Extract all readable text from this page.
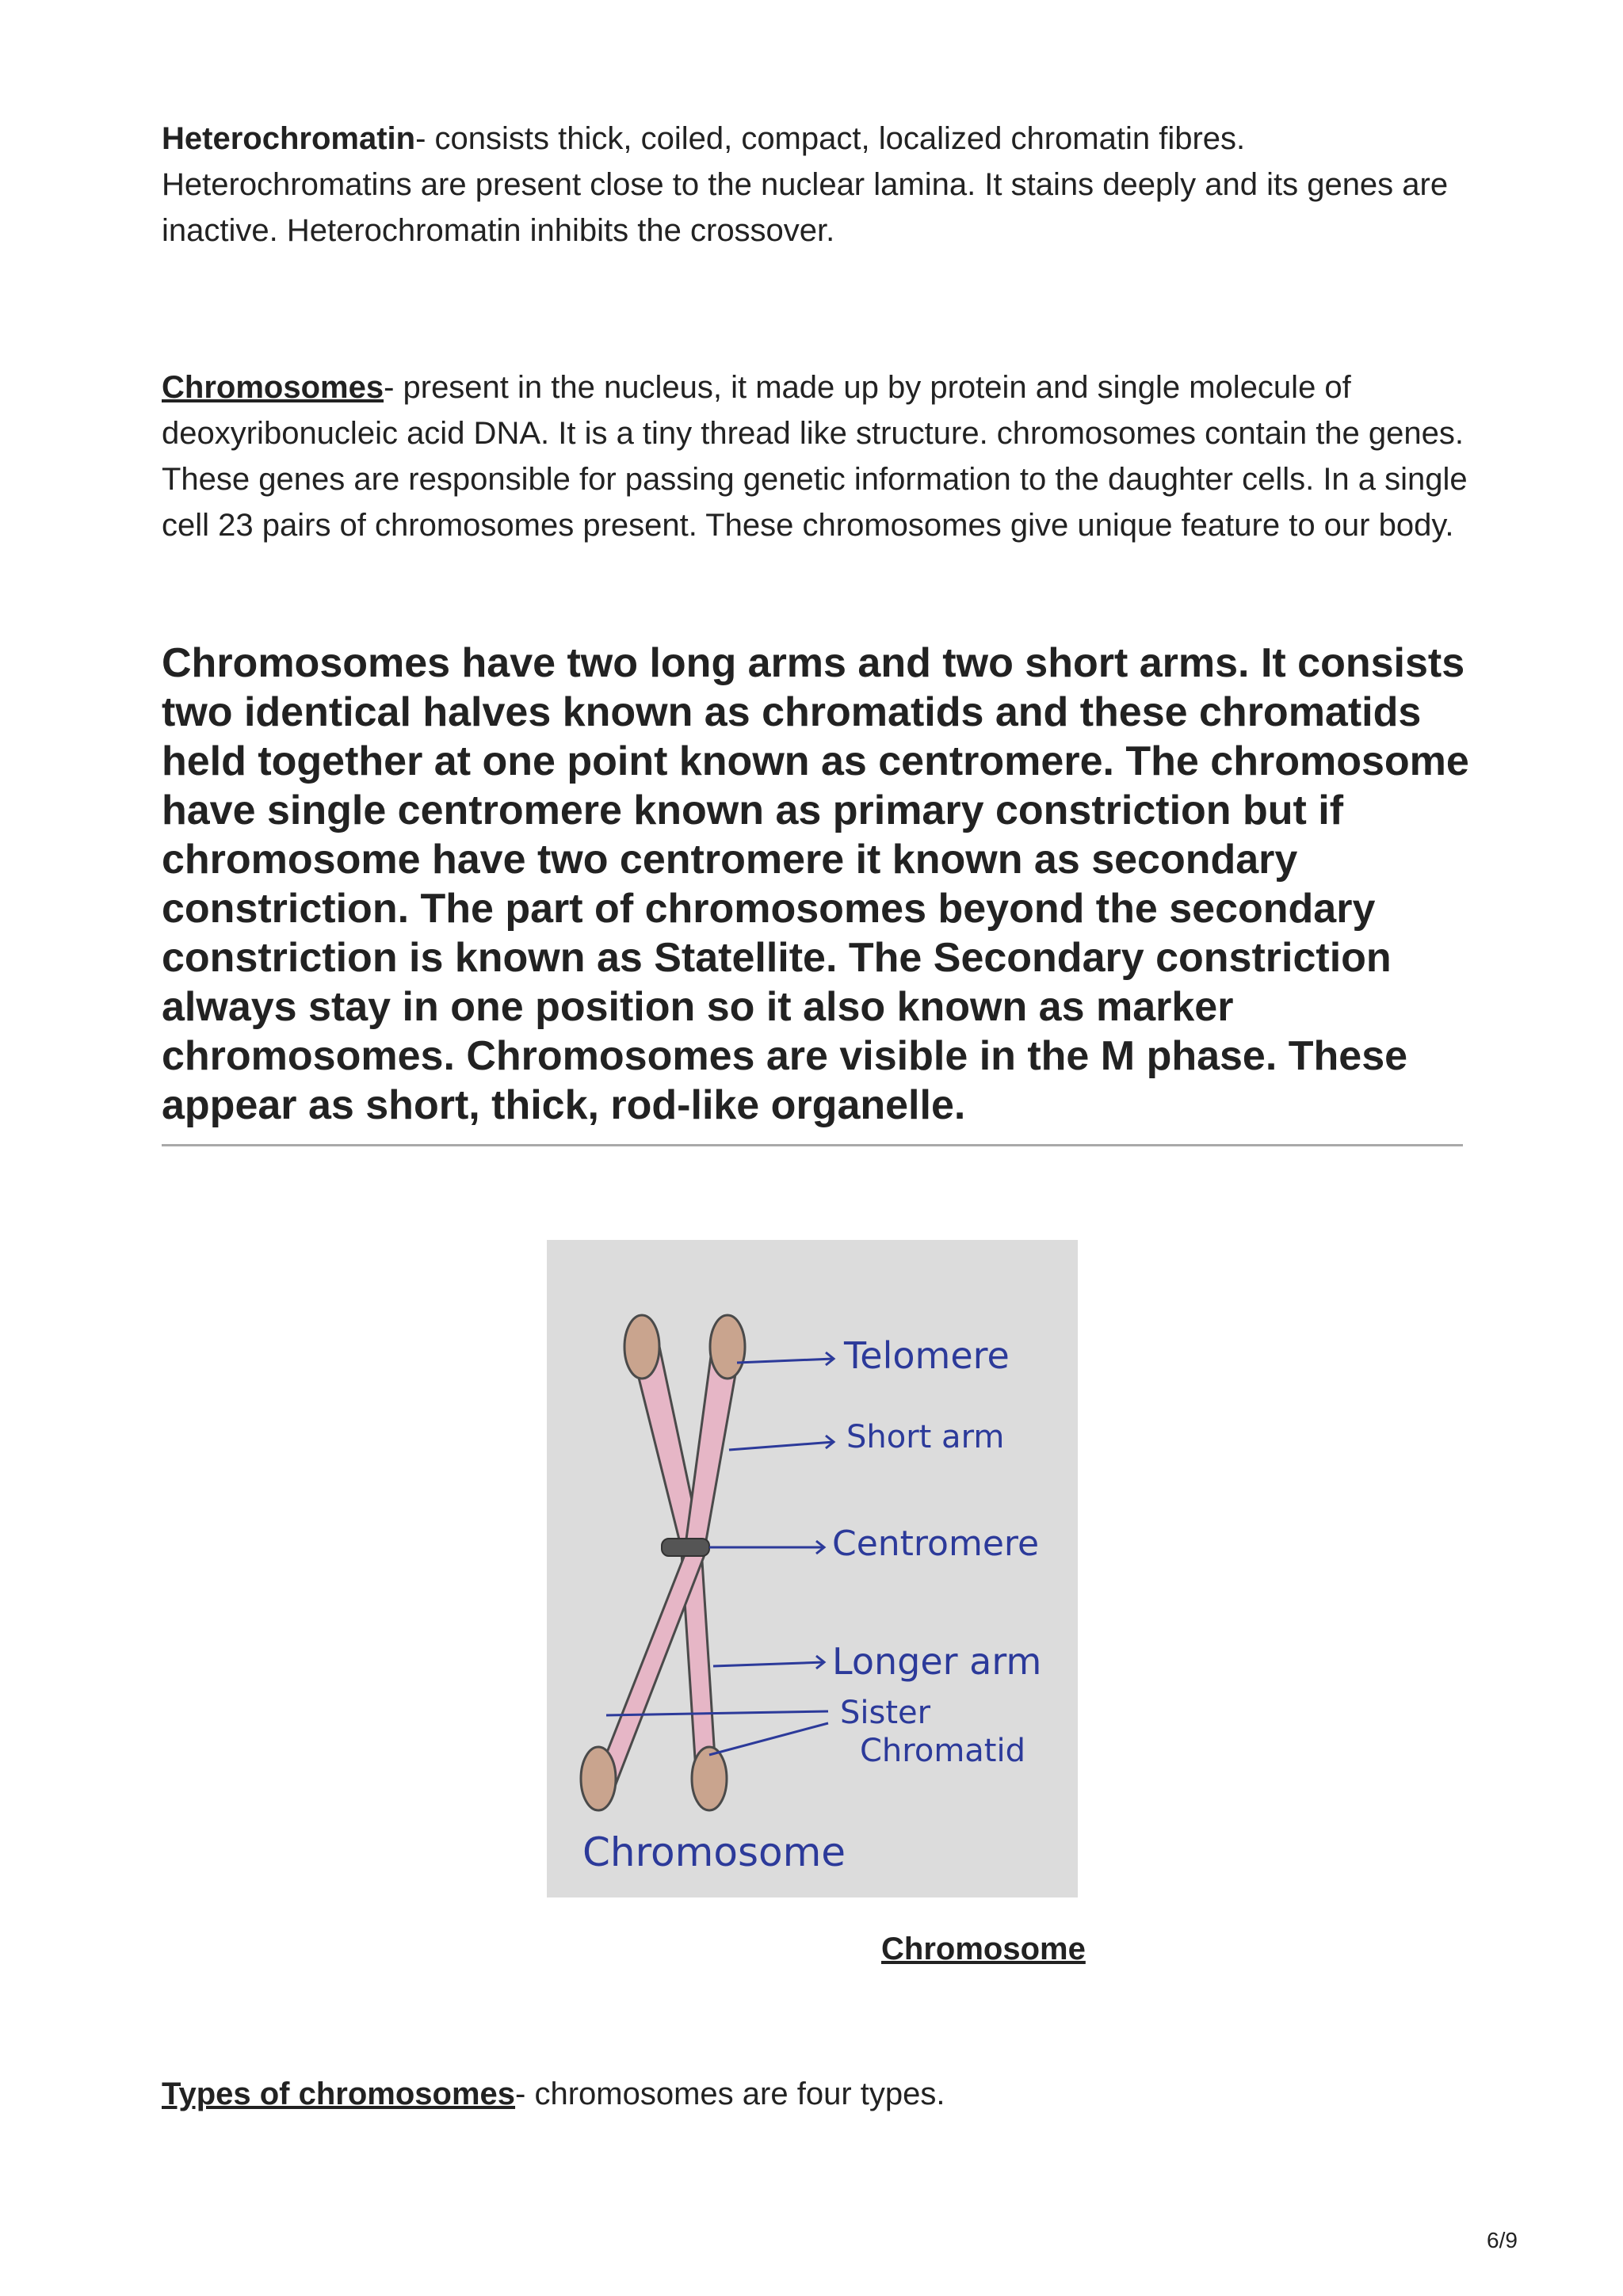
Heterochromatin- consists thick, coiled, compact, localized chromatin fibres. Heterochromatins are present close to the nuclear lamina. It stains deeply and its genes are inactive. Heterochromatin inhibits the crossover.

Chromosomes- present in the nucleus, it made up by protein and single molecule of deoxyribonucleic acid DNA. It is a tiny thread like structure. chromosomes contain the genes. These genes are responsible for passing genetic information to the daughter cells. In a single cell 23 pairs of chromosomes present. These chromosomes give unique feature to our body.

Chromosomes have two long arms and two short arms. It consists two identical halves known as chromatids and these chromatids held together at one point known as centromere. The chromosome have single centromere known as primary constriction but if chromosome have two centromere it known as secondary constriction. The part of chromosomes beyond the secondary constriction is known as Statellite. The Secondary constriction always stay in one position so it also known as marker chromosomes. Chromosomes are visible in the M phase. These appear as short, thick, rod-like organelle.

Telomere
Short arm
Centromere
Longer arm
Sister
Chromatid
Chromosome
Chromosome

Types of chromosomes- chromosomes are four types.

6/9
